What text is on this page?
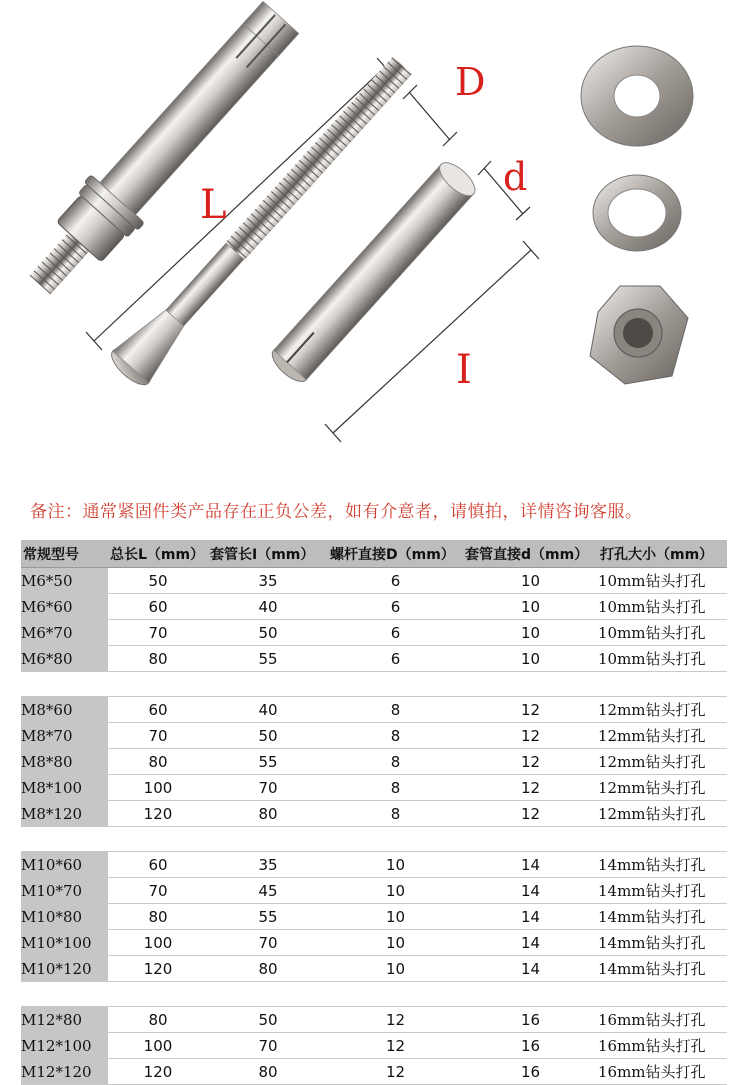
L
D
d
I
备注：通常紧固件类产品存在正负公差，如有介意者，请慎拍，详情咨询客服。
常规型号	总长L（mm）	套管长I（mm）	螺杆直接D（mm）	套管直接d（mm）	打孔大小（mm）
M6*50	50	35	6	10	10mm钻头打孔
M6*60	60	40	6	10	10mm钻头打孔
M6*70	70	50	6	10	10mm钻头打孔
M6*80	80	55	6	10	10mm钻头打孔

M8*60	60	40	8	12	12mm钻头打孔
M8*70	70	50	8	12	12mm钻头打孔
M8*80	80	55	8	12	12mm钻头打孔
M8*100	100	70	8	12	12mm钻头打孔
M8*120	120	80	8	12	12mm钻头打孔

M10*60	60	35	10	14	14mm钻头打孔
M10*70	70	45	10	14	14mm钻头打孔
M10*80	80	55	10	14	14mm钻头打孔
M10*100	100	70	10	14	14mm钻头打孔
M10*120	120	80	10	14	14mm钻头打孔

M12*80	80	50	12	16	16mm钻头打孔
M12*100	100	70	12	16	16mm钻头打孔
M12*120	120	80	12	16	16mm钻头打孔
